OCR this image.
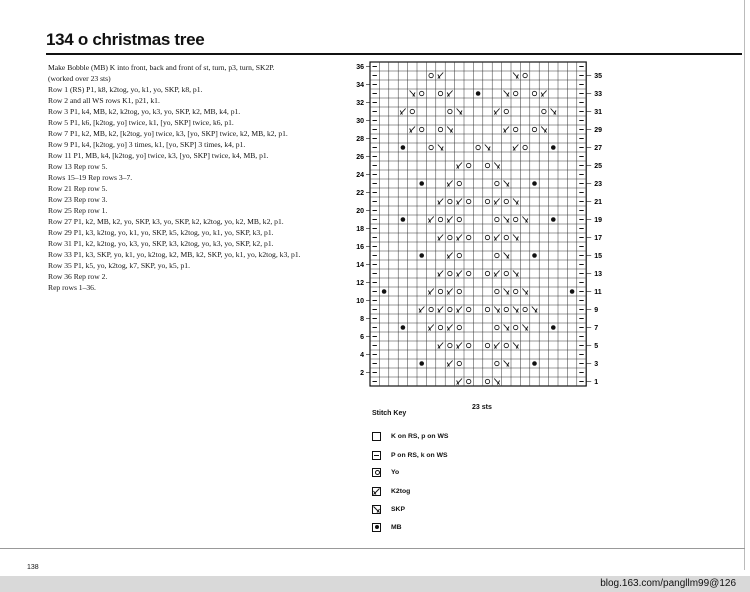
134 o christmas tree
Make Bobble (MB) K into front, back and front of st, turn, p3, turn, SK2P.
(worked over 23 sts)
Row 1 (RS) P1, k8, k2tog, yo, k1, yo, SKP, k8, p1.
Row 2 and all WS rows K1, p21, k1.
Row 3 P1, k4, MB, k2, k2tog, yo, k3, yo, SKP, k2, MB, k4, p1.
Row 5 P1, k6, [k2tog, yo] twice, k1, [yo, SKP] twice, k6, p1.
Row 7 P1, k2, MB, k2, [k2tog, yo] twice, k3, [yo, SKP] twice, k2, MB, k2, p1.
Row 9 P1, k4, [k2tog, yo] 3 times, k1, [yo, SKP] 3 times, k4, p1.
Row 11 P1, MB, k4, [k2tog, yo] twice, k3, [yo, SKP] twice, k4, MB, p1.
Row 13 Rep row 5.
Rows 15–19 Rep rows 3–7.
Row 21 Rep row 5.
Row 23 Rep row 3.
Row 25 Rep row 1.
Row 27 P1, k2, MB, k2, yo, SKP, k3, yo, SKP, k2, k2tog, yo, k2, MB, k2, p1.
Row 29 P1, k3, k2tog, yo, k1, yo, SKP, k5, k2tog, yo, k1, yo, SKP, k3, p1.
Row 31 P1, k2, k2tog, yo, k3, yo, SKP, k3, k2tog, yo, k3, yo, SKP, k2, p1.
Row 33 P1, k3, SKP, yo, k1, yo, k2tog, k2, MB, k2, SKP, yo, k1, yo, k2tog, k3, p1.
Row 35 P1, k5, yo, k2tog, k7, SKP, yo, k5, p1.
Row 36 Rep row 2.
Rep rows 1–36.
36
34
32
30
28
26
24
22
20
18
16
14
12
10
8
6
4
2
35
33
31
29
27
25
23
21
19
17
15
13
11
9
7
5
3
1
23 sts
Stitch Key
K on RS, p on WS
P on RS, k on WS
Yo
K2tog
SKP
MB
138
blog.163.com/pangllm99@126
